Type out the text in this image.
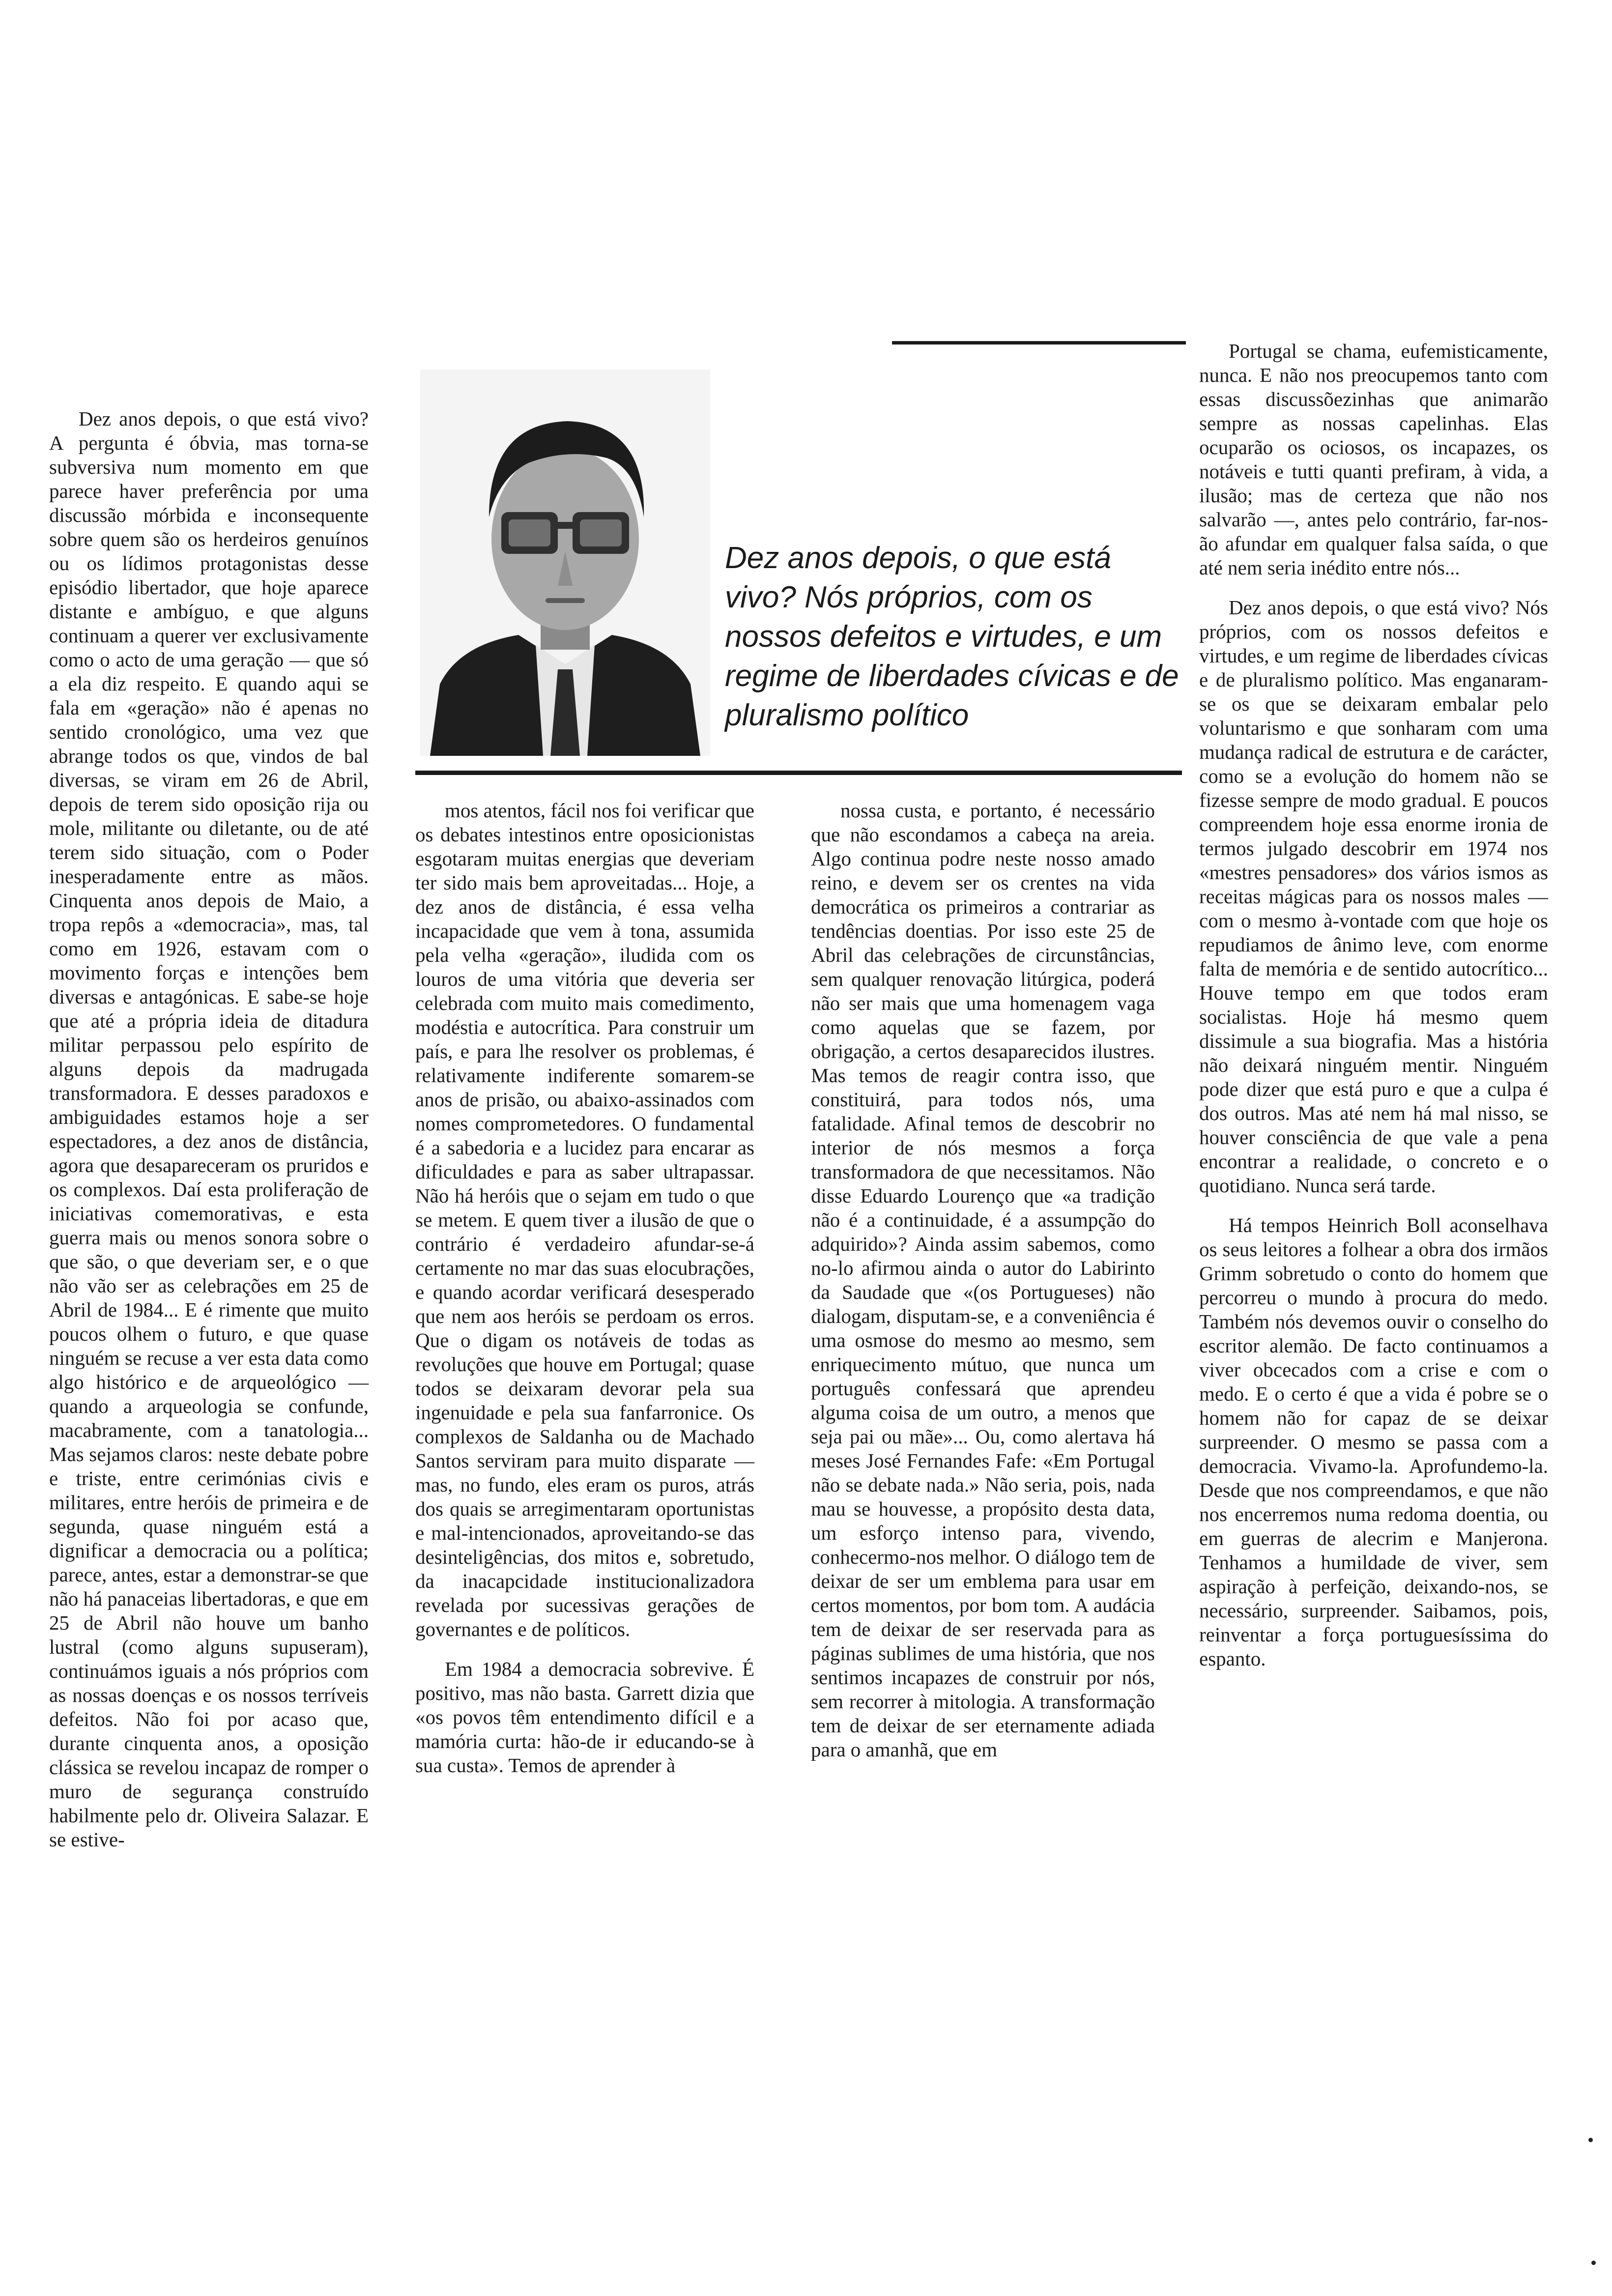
Dez anos depois, o que está vivo? Nós próprios, com os nossos defeitos e virtudes, e um regime de liberdades cívicas e de pluralismo político

Dez anos depois, o que está vivo? A pergunta é óbvia, mas torna-se subversiva num momento em que parece haver preferência por uma discussão mórbida e inconsequente sobre quem são os herdeiros genuínos ou os lídimos protagonistas desse episódio libertador, que hoje aparece distante e ambíguo, e que alguns continuam a querer ver exclusivamente como o acto de uma geração — que só a ela diz respeito. E quando aqui se fala em «geração» não é apenas no sentido cronológico, uma vez que abrange todos os que, vindos de bal diversas, se viram em 26 de Abril, depois de terem sido oposição rija ou mole, militante ou diletante, ou de até terem sido situação, com o Poder inesperadamente entre as mãos. Cinquenta anos depois de Maio, a tropa repôs a «democracia», mas, tal como em 1926, estavam com o movimento forças e intenções bem diversas e antagónicas. E sabe-se hoje que até a própria ideia de ditadura militar perpassou pelo espírito de alguns depois da madrugada transformadora. E desses paradoxos e ambiguidades estamos hoje a ser espectadores, a dez anos de distância, agora que desapareceram os pruridos e os complexos. Daí esta proliferação de iniciativas comemorativas, e esta guerra mais ou menos sonora sobre o que são, o que deveriam ser, e o que não vão ser as celebrações em 25 de Abril de 1984... E é rimente que muito poucos olhem o futuro, e que quase ninguém se recuse a ver esta data como algo histórico e de arqueológico — quando a arqueologia se confunde, macabramente, com a tanatologia... Mas sejamos claros: neste debate pobre e triste, entre cerimónias civis e militares, entre heróis de primeira e de segunda, quase ninguém está a dignificar a democracia ou a política; parece, antes, estar a demonstrar-se que não há panaceias libertadoras, e que em 25 de Abril não houve um banho lustral (como alguns supuseram), continuámos iguais a nós próprios com as nossas doenças e os nossos terríveis defeitos. Não foi por acaso que, durante cinquenta anos, a oposição clássica se revelou incapaz de romper o muro de segurança construído habilmente pelo dr. Oliveira Salazar. E se estive-

mos atentos, fácil nos foi verificar que os debates intestinos entre oposicionistas esgotaram muitas energias que deveriam ter sido mais bem aproveitadas... Hoje, a dez anos de distância, é essa velha incapacidade que vem à tona, assumida pela velha «geração», iludida com os louros de uma vitória que deveria ser celebrada com muito mais comedimento, modéstia e autocrítica. Para construir um país, e para lhe resolver os problemas, é relativamente indiferente somarem-se anos de prisão, ou abaixo-assinados com nomes comprometedores. O fundamental é a sabedoria e a lucidez para encarar as dificuldades e para as saber ultrapassar. Não há heróis que o sejam em tudo o que se metem. E quem tiver a ilusão de que o contrário é verdadeiro afundar-se-á certamente no mar das suas elocubrações, e quando acordar verificará desesperado que nem aos heróis se perdoam os erros. Que o digam os notáveis de todas as revoluções que houve em Portugal; quase todos se deixaram devorar pela sua ingenuidade e pela sua fanfarronice. Os complexos de Saldanha ou de Machado Santos serviram para muito disparate — mas, no fundo, eles eram os puros, atrás dos quais se arregimentaram oportunistas e mal-intencionados, aproveitando-se das desinteligências, dos mitos e, sobretudo, da inacapcidade institucionalizadora revelada por sucessivas gerações de governantes e de políticos.

Em 1984 a democracia sobrevive. É positivo, mas não basta. Garrett dizia que «os povos têm entendimento difícil e a mamória curta: hão-de ir educando-se à sua custa». Temos de aprender à

nossa custa, e portanto, é necessário que não escondamos a cabeça na areia. Algo continua podre neste nosso amado reino, e devem ser os crentes na vida democrática os primeiros a contrariar as tendências doentias. Por isso este 25 de Abril das celebrações de circunstâncias, sem qualquer renovação litúrgica, poderá não ser mais que uma homenagem vaga como aquelas que se fazem, por obrigação, a certos desaparecidos ilustres. Mas temos de reagir contra isso, que constituirá, para todos nós, uma fatalidade. Afinal temos de descobrir no interior de nós mesmos a força transformadora de que necessitamos. Não disse Eduardo Lourenço que «a tradição não é a continuidade, é a assumpção do adquirido»? Ainda assim sabemos, como no-lo afirmou ainda o autor do Labirinto da Saudade que «(os Portugueses) não dialogam, disputam-se, e a conveniência é uma osmose do mesmo ao mesmo, sem enriquecimento mútuo, que nunca um português confessará que aprendeu alguma coisa de um outro, a menos que seja pai ou mãe»... Ou, como alertava há meses José Fernandes Fafe: «Em Portugal não se debate nada.» Não seria, pois, nada mau se houvesse, a propósito desta data, um esforço intenso para, vivendo, conhecermo-nos melhor. O diálogo tem de deixar de ser um emblema para usar em certos momentos, por bom tom. A audácia tem de deixar de ser reservada para as páginas sublimes de uma história, que nos sentimos incapazes de construir por nós, sem recorrer à mitologia. A transformação tem de deixar de ser eternamente adiada para o amanhã, que em

Portugal se chama, eufemisticamente, nunca. E não nos preocupemos tanto com essas discussõezinhas que animarão sempre as nossas capelinhas. Elas ocuparão os ociosos, os incapazes, os notáveis e tutti quanti prefiram, à vida, a ilusão; mas de certeza que não nos salvarão —, antes pelo contrário, far-nos-ão afundar em qualquer falsa saída, o que até nem seria inédito entre nós...

Dez anos depois, o que está vivo? Nós próprios, com os nossos defeitos e virtudes, e um regime de liberdades cívicas e de pluralismo político. Mas enganaram-se os que se deixaram embalar pelo voluntarismo e que sonharam com uma mudança radical de estrutura e de carácter, como se a evolução do homem não se fizesse sempre de modo gradual. E poucos compreendem hoje essa enorme ironia de termos julgado descobrir em 1974 nos «mestres pensadores» dos vários ismos as receitas mágicas para os nossos males — com o mesmo à-vontade com que hoje os repudiamos de ânimo leve, com enorme falta de memória e de sentido autocrítico... Houve tempo em que todos eram socialistas. Hoje há mesmo quem dissimule a sua biografia. Mas a história não deixará ninguém mentir. Ninguém pode dizer que está puro e que a culpa é dos outros. Mas até nem há mal nisso, se houver consciência de que vale a pena encontrar a realidade, o concreto e o quotidiano. Nunca será tarde.

Há tempos Heinrich Boll aconselhava os seus leitores a folhear a obra dos irmãos Grimm sobretudo o conto do homem que percorreu o mundo à procura do medo. Também nós devemos ouvir o conselho do escritor alemão. De facto continuamos a viver obcecados com a crise e com o medo. E o certo é que a vida é pobre se o homem não for capaz de se deixar surpreender. O mesmo se passa com a democracia. Vivamo-la. Aprofundemo-la. Desde que nos compreendamos, e que não nos encerremos numa redoma doentia, ou em guerras de alecrim e Manjerona. Tenhamos a humildade de viver, sem aspiração à perfeição, deixando-nos, se necessário, surpreender. Saibamos, pois, reinventar a força portuguesíssima do espanto.
